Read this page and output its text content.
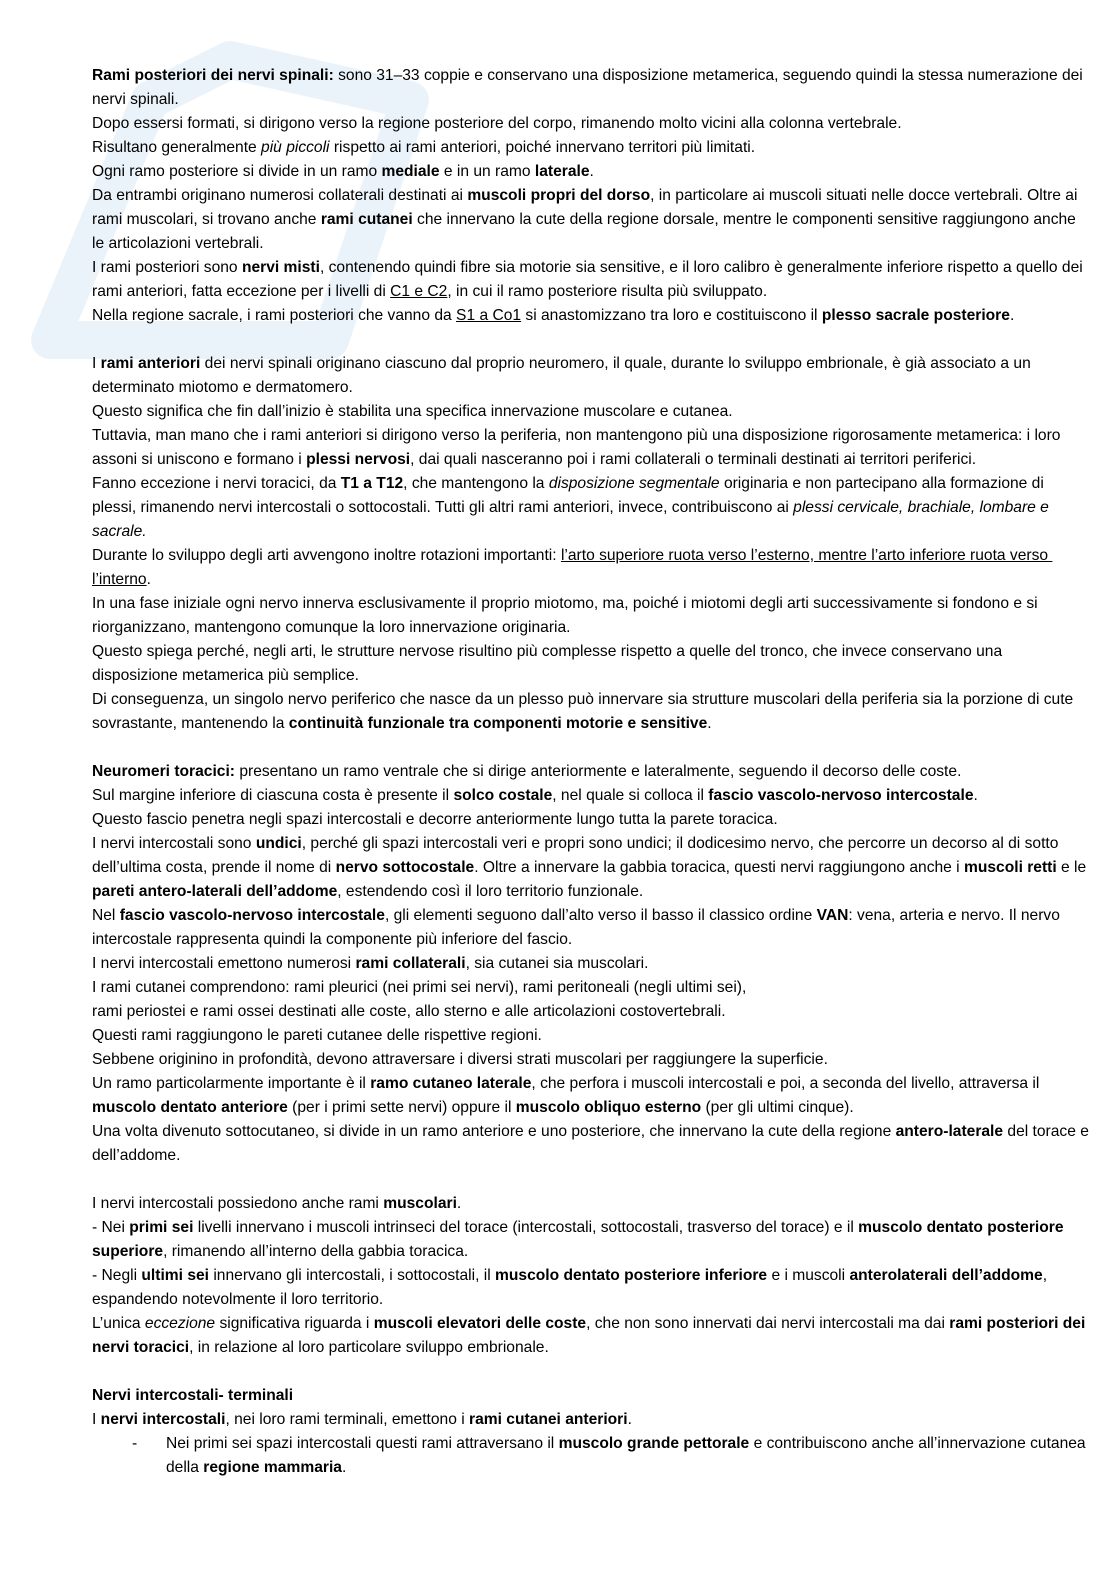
Rami posteriori dei nervi spinali: sono 31–33 coppie e conservano una disposizione metamerica, seguendo quindi la stessa numerazione dei nervi spinali.

Dopo essersi formati, si dirigono verso la regione posteriore del corpo, rimanendo molto vicini alla colonna vertebrale.

Risultano generalmente più piccoli rispetto ai rami anteriori, poiché innervano territori più limitati.

Ogni ramo posteriore si divide in un ramo mediale e in un ramo laterale.

Da entrambi originano numerosi collaterali destinati ai muscoli propri del dorso, in particolare ai muscoli situati nelle docce vertebrali. Oltre ai rami muscolari, si trovano anche rami cutanei che innervano la cute della regione dorsale, mentre le componenti sensitive raggiungono anche le articolazioni vertebrali.

I rami posteriori sono nervi misti, contenendo quindi fibre sia motorie sia sensitive, e il loro calibro è generalmente inferiore rispetto a quello dei rami anteriori, fatta eccezione per i livelli di C1 e C2, in cui il ramo posteriore risulta più sviluppato.

Nella regione sacrale, i rami posteriori che vanno da S1 a Co1 si anastomizzano tra loro e costituiscono il plesso sacrale posteriore.

I rami anteriori dei nervi spinali originano ciascuno dal proprio neuromero, il quale, durante lo sviluppo embrionale, è già associato a un determinato miotomo e dermatomero.

Questo significa che fin dall’inizio è stabilita una specifica innervazione muscolare e cutanea.

Tuttavia, man mano che i rami anteriori si dirigono verso la periferia, non mantengono più una disposizione rigorosamente metamerica: i loro assoni si uniscono e formano i plessi nervosi, dai quali nasceranno poi i rami collaterali o terminali destinati ai territori periferici.

Fanno eccezione i nervi toracici, da T1 a T12, che mantengono la disposizione segmentale originaria e non partecipano alla formazione di plessi, rimanendo nervi intercostali o sottocostali. Tutti gli altri rami anteriori, invece, contribuiscono ai plessi cervicale, brachiale, lombare e sacrale.

Durante lo sviluppo degli arti avvengono inoltre rotazioni importanti: l’arto superiore ruota verso l’esterno, mentre l’arto inferiore ruota verso l’interno.

In una fase iniziale ogni nervo innerva esclusivamente il proprio miotomo, ma, poiché i miotomi degli arti successivamente si fondono e si riorganizzano, mantengono comunque la loro innervazione originaria.

Questo spiega perché, negli arti, le strutture nervose risultino più complesse rispetto a quelle del tronco, che invece conservano una disposizione metamerica più semplice.

Di conseguenza, un singolo nervo periferico che nasce da un plesso può innervare sia strutture muscolari della periferia sia la porzione di cute sovrastante, mantenendo la continuità funzionale tra componenti motorie e sensitive.

Neuromeri toracici: presentano un ramo ventrale che si dirige anteriormente e lateralmente, seguendo il decorso delle coste.

Sul margine inferiore di ciascuna costa è presente il solco costale, nel quale si colloca il fascio vascolo-nervoso intercostale.

Questo fascio penetra negli spazi intercostali e decorre anteriormente lungo tutta la parete toracica.

I nervi intercostali sono undici, perché gli spazi intercostali veri e propri sono undici; il dodicesimo nervo, che percorre un decorso al di sotto dell’ultima costa, prende il nome di nervo sottocostale. Oltre a innervare la gabbia toracica, questi nervi raggiungono anche i muscoli retti e le pareti antero-laterali dell’addome, estendendo così il loro territorio funzionale.

Nel fascio vascolo-nervoso intercostale, gli elementi seguono dall’alto verso il basso il classico ordine VAN: vena, arteria e nervo. Il nervo intercostale rappresenta quindi la componente più inferiore del fascio.

I nervi intercostali emettono numerosi rami collaterali, sia cutanei sia muscolari.

I rami cutanei comprendono: rami pleurici (nei primi sei nervi), rami peritoneali (negli ultimi sei),

rami periostei e rami ossei destinati alle coste, allo sterno e alle articolazioni costovertebrali.

Questi rami raggiungono le pareti cutanee delle rispettive regioni.

Sebbene originino in profondità, devono attraversare i diversi strati muscolari per raggiungere la superficie.

Un ramo particolarmente importante è il ramo cutaneo laterale, che perfora i muscoli intercostali e poi, a seconda del livello, attraversa il muscolo dentato anteriore (per i primi sette nervi) oppure il muscolo obliquo esterno (per gli ultimi cinque).

Una volta divenuto sottocutaneo, si divide in un ramo anteriore e uno posteriore, che innervano la cute della regione antero-laterale del torace e dell’addome.

I nervi intercostali possiedono anche rami muscolari.

- Nei primi sei livelli innervano i muscoli intrinseci del torace (intercostali, sottocostali, trasverso del torace) e il muscolo dentato posteriore superiore, rimanendo all’interno della gabbia toracica.

- Negli ultimi sei innervano gli intercostali, i sottocostali, il muscolo dentato posteriore inferiore e i muscoli anterolaterali dell’addome, espandendo notevolmente il loro territorio.

L’unica eccezione significativa riguarda i muscoli elevatori delle coste, che non sono innervati dai nervi intercostali ma dai rami posteriori dei nervi toracici, in relazione al loro particolare sviluppo embrionale.

Nervi intercostali- terminali

I nervi intercostali, nei loro rami terminali, emettono i rami cutanei anteriori.

- Nei primi sei spazi intercostali questi rami attraversano il muscolo grande pettorale e contribuiscono anche all’innervazione cutanea della regione mammaria.
